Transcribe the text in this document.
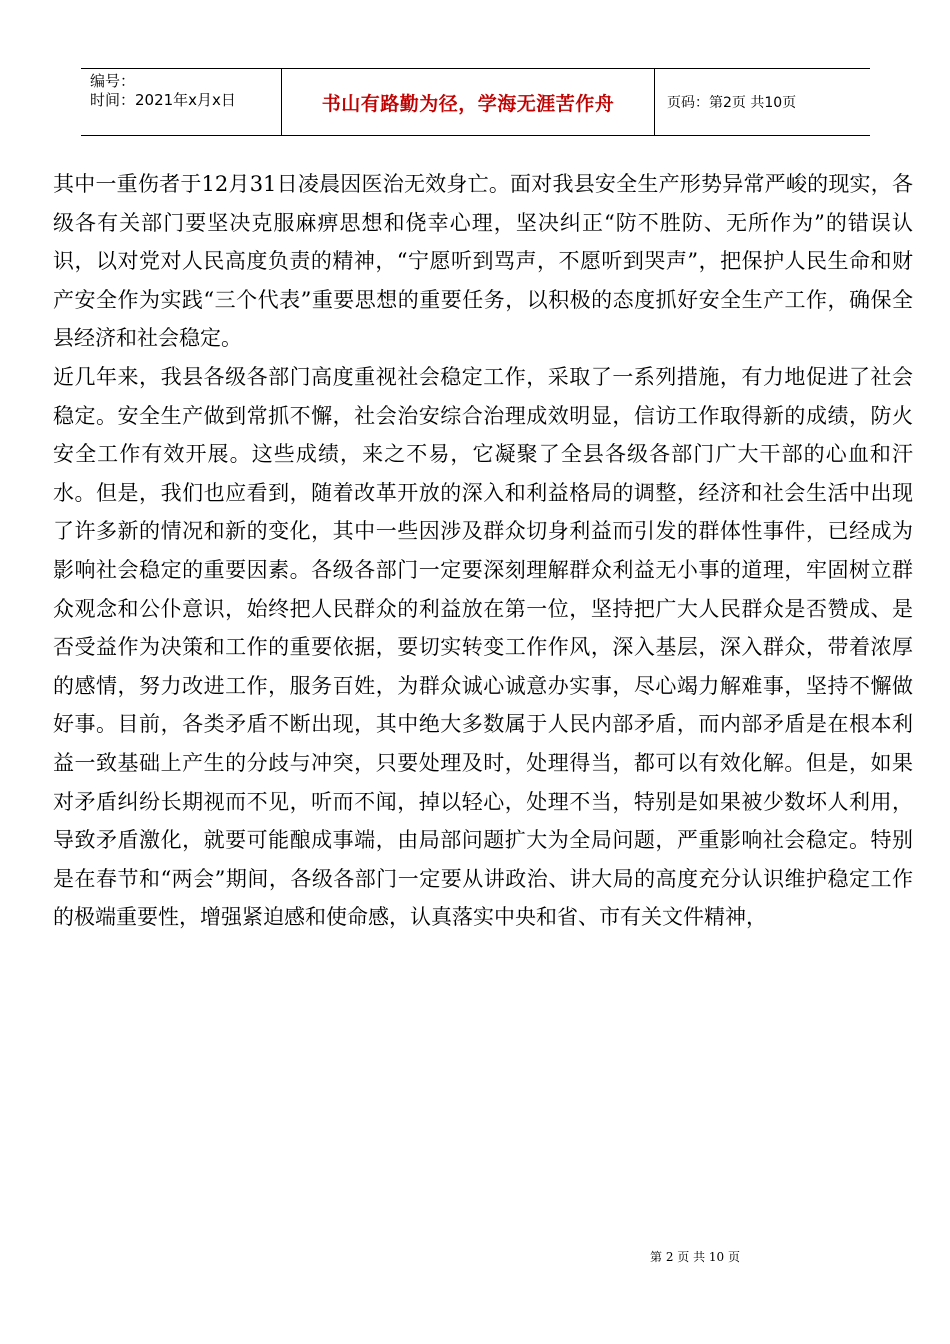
编号：
时间：2021年x月x日	书山有路勤为径，学海无涯苦作舟	页码：第2页 共10页

其中一重伤者于12月31日凌晨因医治无效身亡。面对我县安全生产形势异常严峻的现实，各级各有关部门要坚决克服麻痹思想和侥幸心理，坚决纠正“防不胜防、无所作为”的错误认识，以对党对人民高度负责的精神，“宁愿听到骂声，不愿听到哭声”，把保护人民生命和财产安全作为实践“三个代表”重要思想的重要任务，以积极的态度抓好安全生产工作，确保全县经济和社会稳定。

近几年来，我县各级各部门高度重视社会稳定工作，采取了一系列措施，有力地促进了社会稳定。安全生产做到常抓不懈，社会治安综合治理成效明显，信访工作取得新的成绩，防火安全工作有效开展。这些成绩，来之不易，它凝聚了全县各级各部门广大干部的心血和汗水。但是，我们也应看到，随着改革开放的深入和利益格局的调整，经济和社会生活中出现了许多新的情况和新的变化，其中一些因涉及群众切身利益而引发的群体性事件，已经成为影响社会稳定的重要因素。各级各部门一定要深刻理解群众利益无小事的道理，牢固树立群众观念和公仆意识，始终把人民群众的利益放在第一位，坚持把广大人民群众是否赞成、是否受益作为决策和工作的重要依据，要切实转变工作作风，深入基层，深入群众，带着浓厚的感情，努力改进工作，服务百姓，为群众诚心诚意办实事，尽心竭力解难事，坚持不懈做好事。目前，各类矛盾不断出现，其中绝大多数属于人民内部矛盾，而内部矛盾是在根本利益一致基础上产生的分歧与冲突，只要处理及时，处理得当，都可以有效化解。但是，如果对矛盾纠纷长期视而不见，听而不闻，掉以轻心，处理不当，特别是如果被少数坏人利用，导致矛盾激化，就要可能酿成事端，由局部问题扩大为全局问题，严重影响社会稳定。特别是在春节和“两会”期间，各级各部门一定要从讲政治、讲大局的高度充分认识维护稳定工作的极端重要性，增强紧迫感和使命感，认真落实中央和省、市有关文件精神，

第 2 页 共 10 页
